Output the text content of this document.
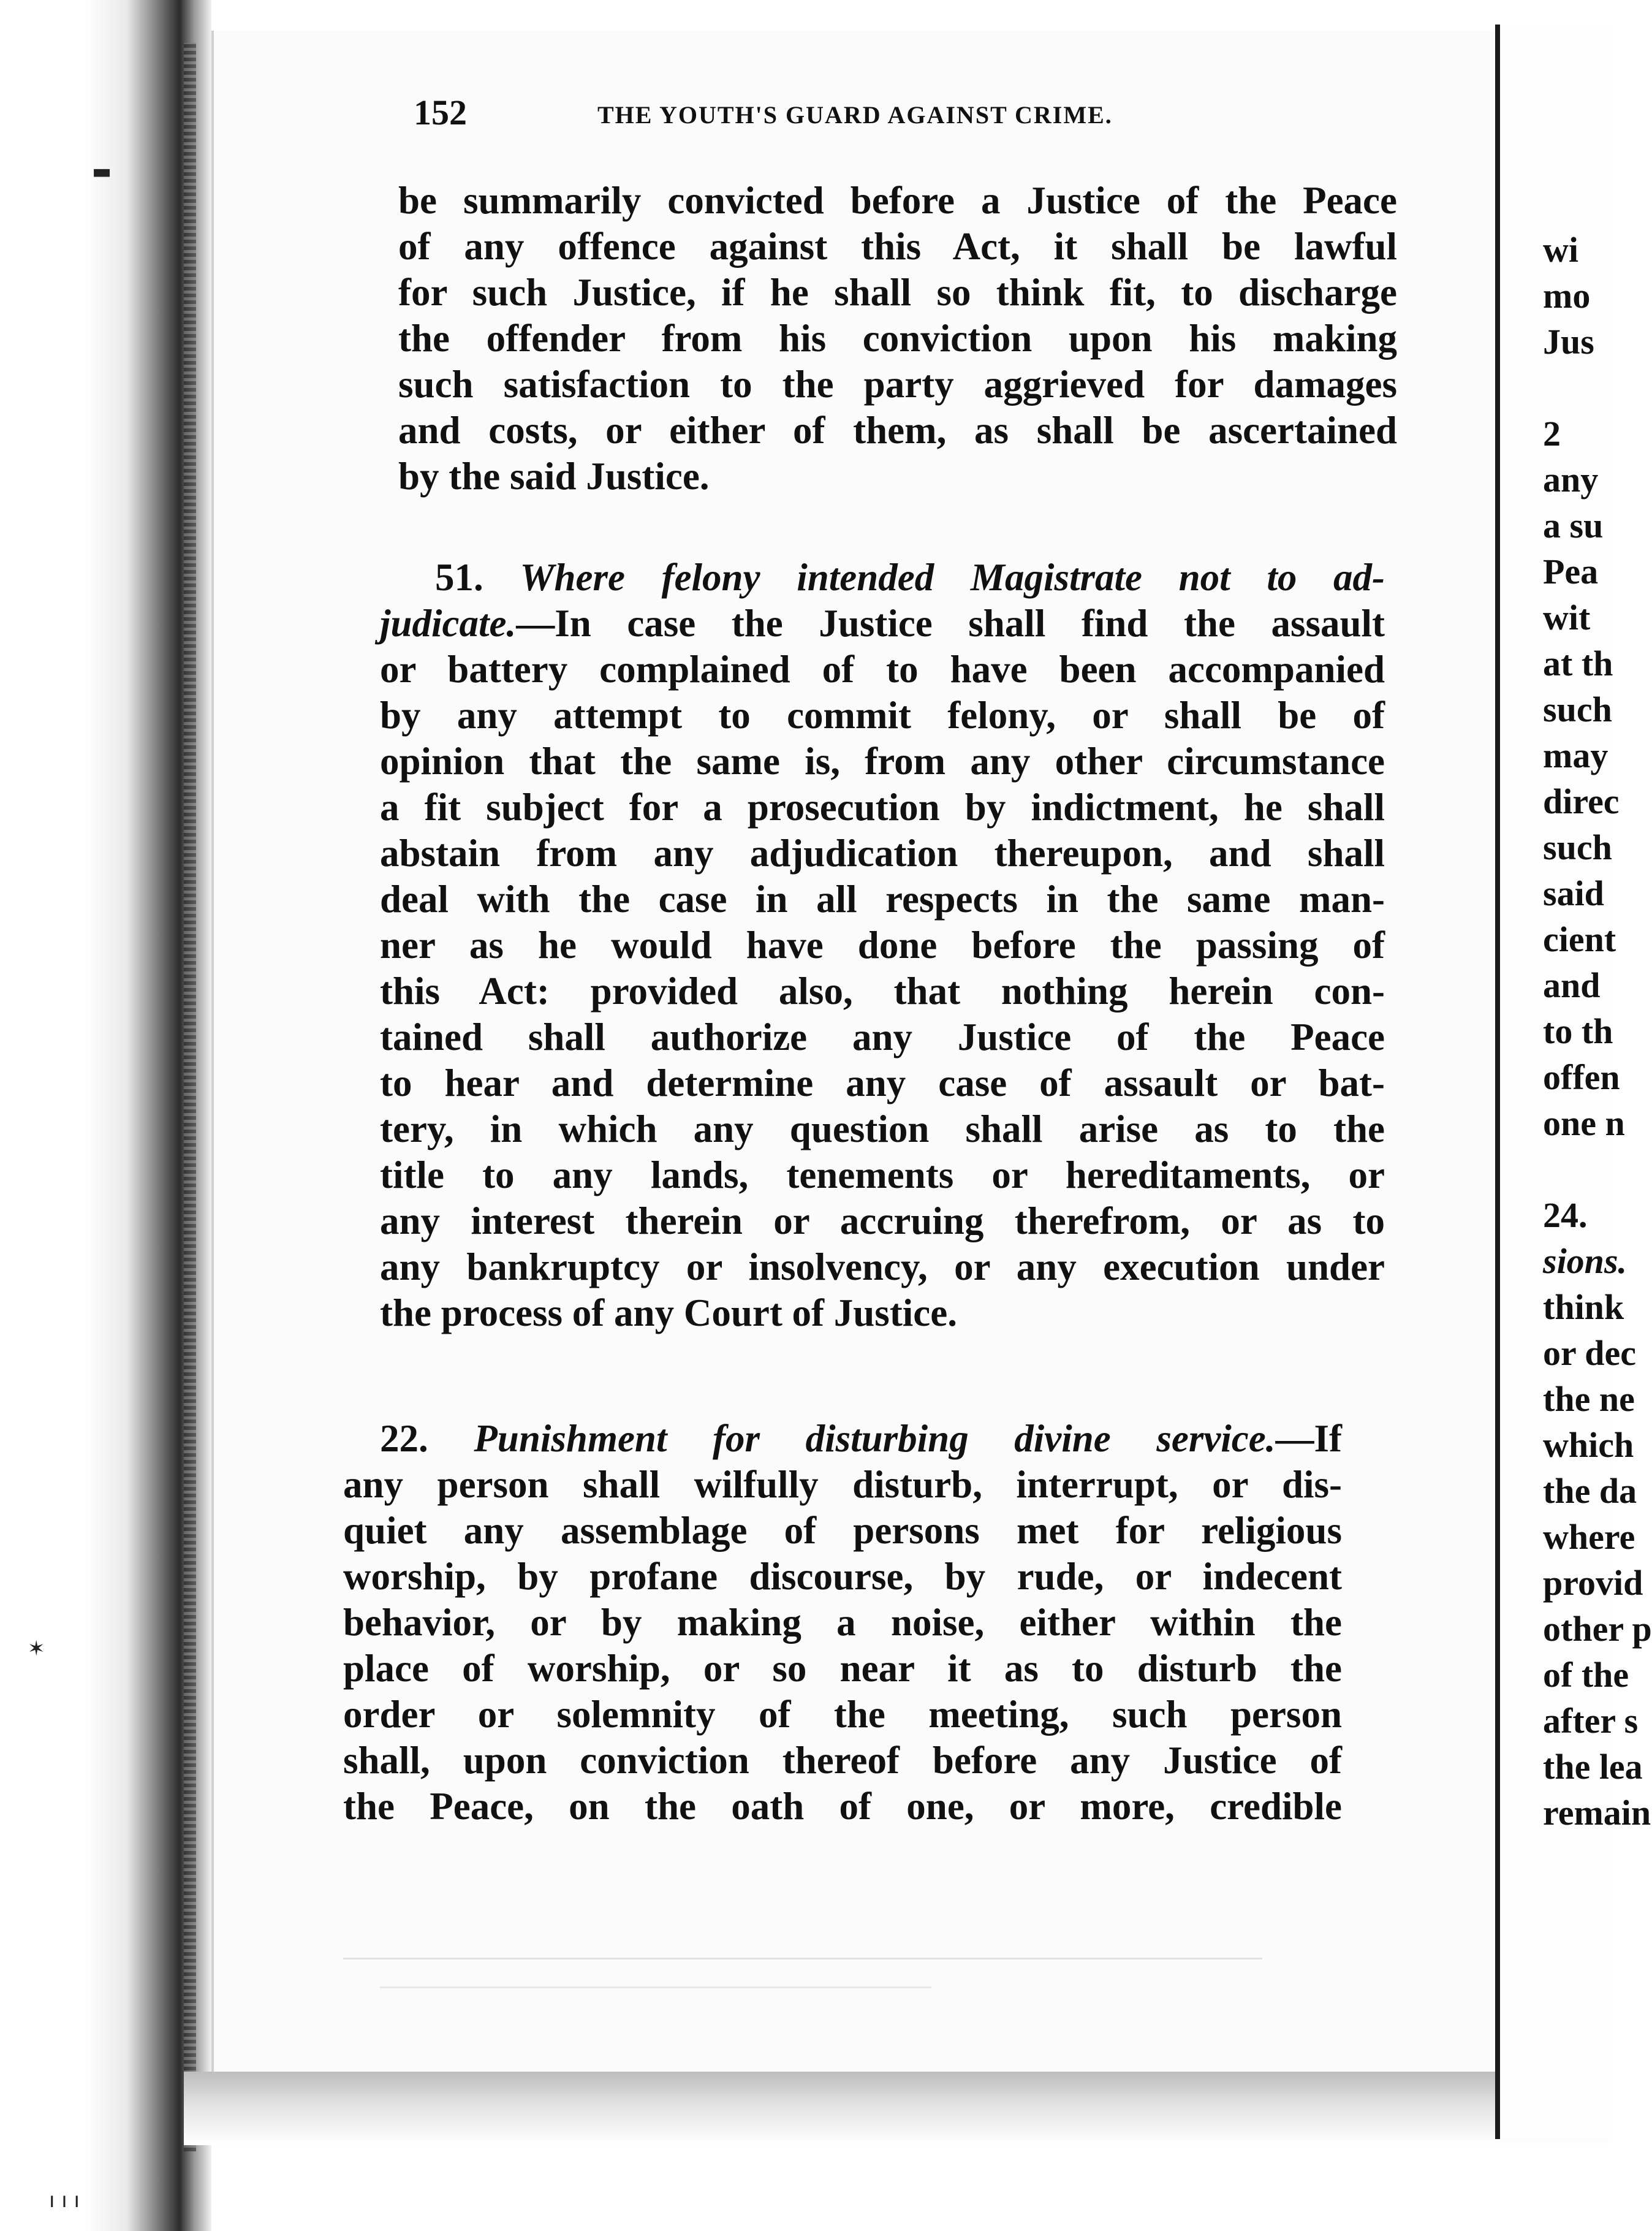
▬
✶
ı ı ı
152	THE YOUTH'S GUARD AGAINST CRIME.
be summarily convicted before a Justice of the Peace
of any offence against this Act, it shall be lawful
for such Justice, if he shall so think fit, to discharge
the offender from his conviction upon his making
such satisfaction to the party aggrieved for damages
and costs, or either of them, as shall be ascertained
by the said Justice.
51. Where felony intended Magistrate not to ad-
judicate.—In case the Justice shall find the assault
or battery complained of to have been accompanied
by any attempt to commit felony, or shall be of
opinion that the same is, from any other circumstance
a fit subject for a prosecution by indictment, he shall
abstain from any adjudication thereupon, and shall
deal with the case in all respects in the same man-
ner as he would have done before the passing of
this Act: provided also, that nothing herein con-
tained shall authorize any Justice of the Peace
to hear and determine any case of assault or bat-
tery, in which any question shall arise as to the
title to any lands, tenements or hereditaments, or
any interest therein or accruing therefrom, or as to
any bankruptcy or insolvency, or any execution under
the process of any Court of Justice.
22. Punishment for disturbing divine service.—If
any person shall wilfully disturb, interrupt, or dis-
quiet any assemblage of persons met for religious
worship, by profane discourse, by rude, or indecent
behavior, or by making a noise, either within the
place of worship, or so near it as to disturb the
order or solemnity of the meeting, such person
shall, upon conviction thereof before any Justice of
the Peace, on the oath of one, or more, credible
wi
mo
Jus
2
any
a su
Pea
wit
at th
such
may
direc
such
said
cient
and
to th
offen
one n
24.
sions.
think
or dec
the ne
which
the da
where
provid
other p
of the
after s
the lea
remain
